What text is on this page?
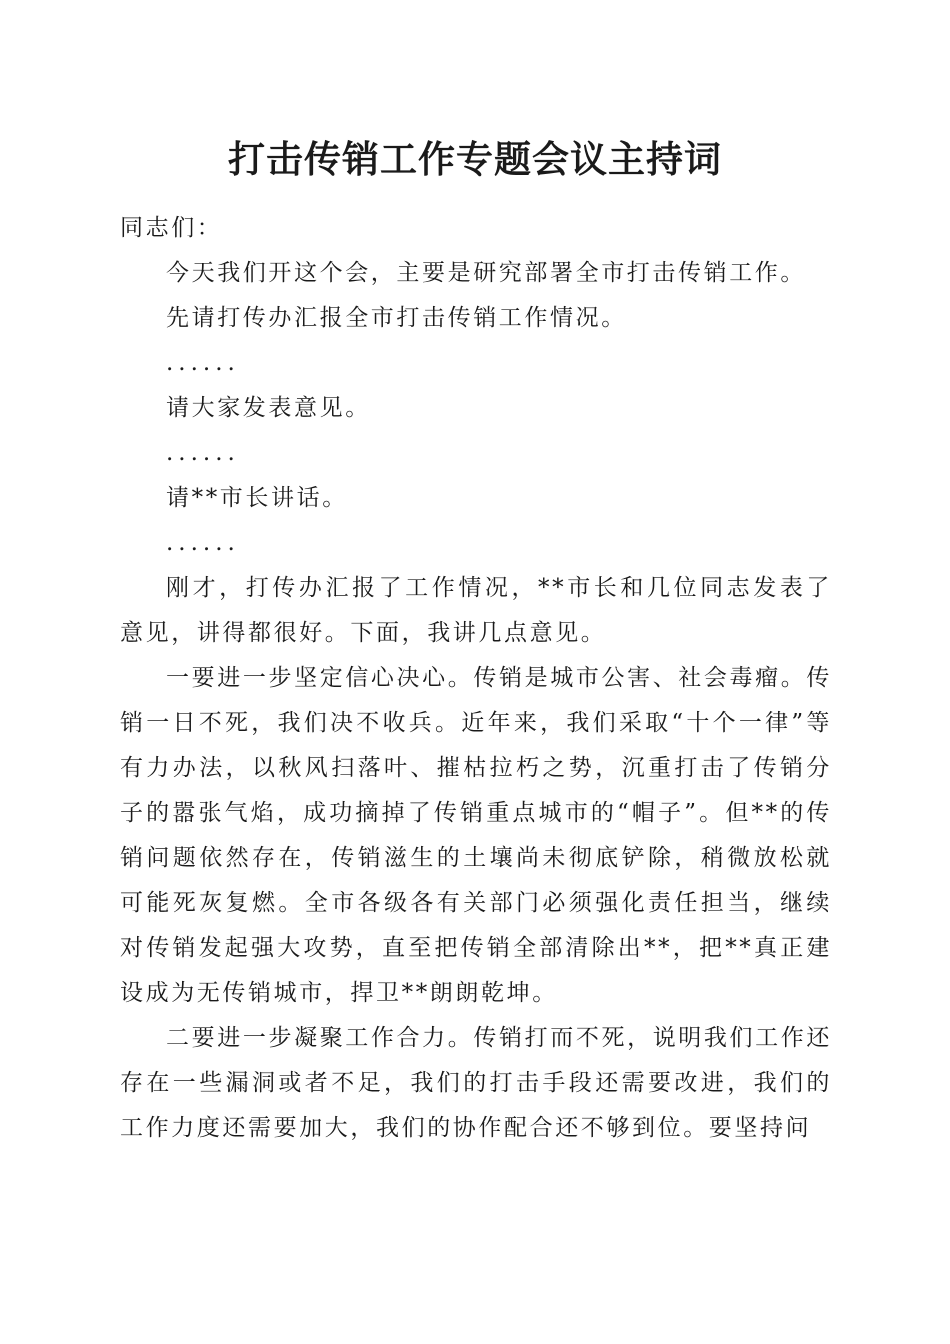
打击传销工作专题会议主持词

同志们：

今天我们开这个会，主要是研究部署全市打击传销工作。

先请打传办汇报全市打击传销工作情况。

......

请大家发表意见。

......

请**市长讲话。

......

刚才，打传办汇报了工作情况，**市长和几位同志发表了意见，讲得都很好。下面，我讲几点意见。

一要进一步坚定信心决心。传销是城市公害、社会毒瘤。传销一日不死，我们决不收兵。近年来，我们采取“十个一律”等有力办法，以秋风扫落叶、摧枯拉朽之势，沉重打击了传销分子的嚣张气焰，成功摘掉了传销重点城市的“帽子”。但**的传销问题依然存在，传销滋生的土壤尚未彻底铲除，稍微放松就可能死灰复燃。全市各级各有关部门必须强化责任担当，继续对传销发起强大攻势，直至把传销全部清除出**，把**真正建设成为无传销城市，捍卫**朗朗乾坤。

二要进一步凝聚工作合力。传销打而不死，说明我们工作还存在一些漏洞或者不足，我们的打击手段还需要改进，我们的工作力度还需要加大，我们的协作配合还不够到位。要坚持问
